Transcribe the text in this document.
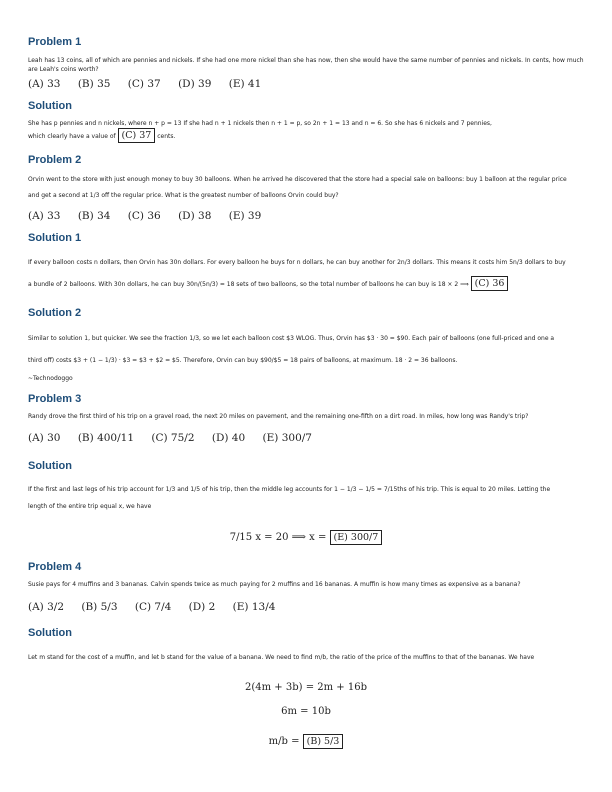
Problem 1

Leah has 13 coins, all of which are pennies and nickels. If she had one more nickel than she has now, then she would have the same number of pennies and nickels. In cents, how much are Leah's coins worth?

(A) 33 (B) 35 (C) 37 (D) 39 (E) 41

Solution

She has p pennies and n nickels, where n + p = 13 If she had n + 1 nickels then n + 1 = p, so 2n + 1 = 13 and n = 6. So she has 6 nickels and 7 pennies,

which clearly have a value of (C) 37 cents.

Problem 2

Orvin went to the store with just enough money to buy 30 balloons. When he arrived he discovered that the store had a special sale on balloons: buy 1 balloon at the regular price

and get a second at 1/3 off the regular price. What is the greatest number of balloons Orvin could buy?

(A) 33 (B) 34 (C) 36 (D) 38 (E) 39

Solution 1

If every balloon costs n dollars, then Orvin has 30n dollars. For every balloon he buys for n dollars, he can buy another for 2n/3 dollars. This means it costs him 5n/3 dollars to buy

a bundle of 2 balloons. With 30n dollars, he can buy 30n/(5n/3) = 18 sets of two balloons, so the total number of balloons he can buy is 18 × 2 ⟹ (C) 36

Solution 2

Similar to solution 1, but quicker. We see the fraction 1/3, so we let each balloon cost $3 WLOG. Thus, Orvin has $3 · 30 = $90. Each pair of balloons (one full-priced and one a

third off) costs $3 + (1 − 1/3) · $3 = $3 + $2 = $5. Therefore, Orvin can buy $90/$5 = 18 pairs of balloons, at maximum. 18 · 2 = 36 balloons.

~Technodoggo

Problem 3

Randy drove the first third of his trip on a gravel road, the next 20 miles on pavement, and the remaining one-fifth on a dirt road. In miles, how long was Randy's trip?

(A) 30 (B) 400/11 (C) 75/2 (D) 40 (E) 300/7

Solution

If the first and last legs of his trip account for 1/3 and 1/5 of his trip, then the middle leg accounts for 1 − 1/3 − 1/5 = 7/15ths of his trip. This is equal to 20 miles. Letting the

length of the entire trip equal x, we have

7/15 x = 20 ⟹ x = (E) 300/7

Problem 4

Susie pays for 4 muffins and 3 bananas. Calvin spends twice as much paying for 2 muffins and 16 bananas. A muffin is how many times as expensive as a banana?

(A) 3/2 (B) 5/3 (C) 7/4 (D) 2 (E) 13/4

Solution

Let m stand for the cost of a muffin, and let b stand for the value of a banana. We need to find m/b, the ratio of the price of the muffins to that of the bananas. We have

2(4m + 3b) = 2m + 16b

6m = 10b

m/b = (B) 5/3
